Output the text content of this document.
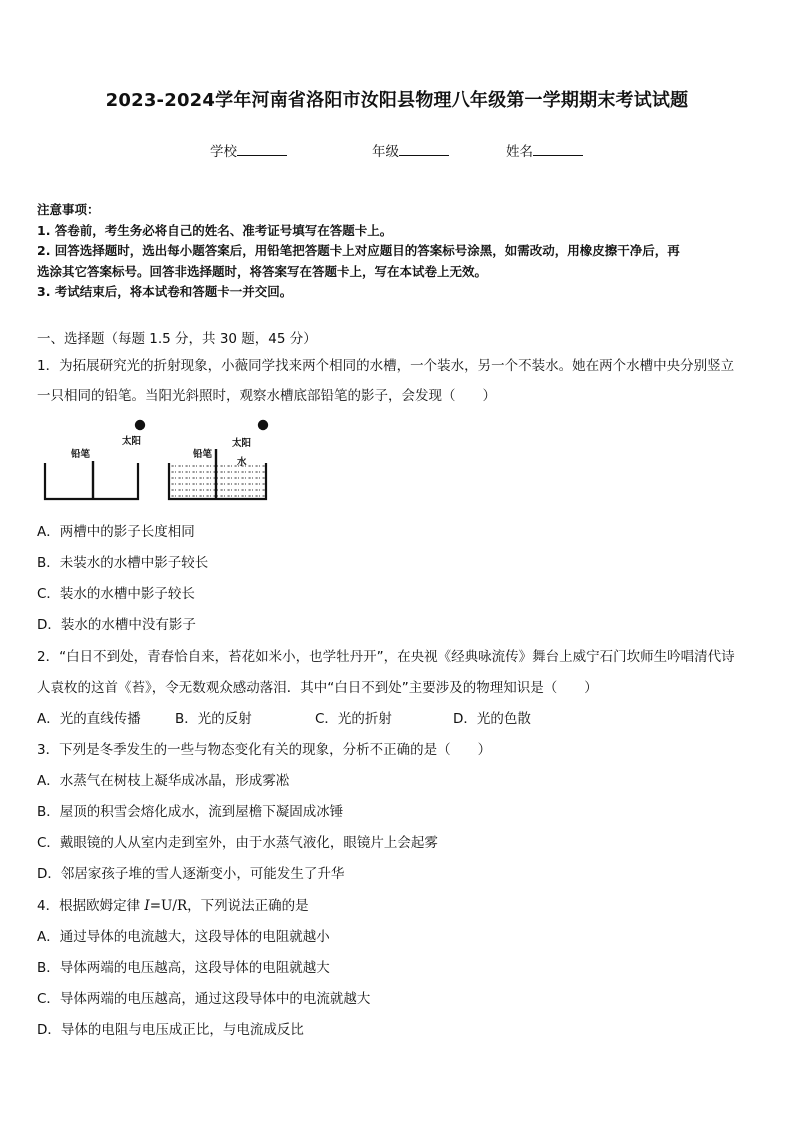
2023-2024学年河南省洛阳市汝阳县物理八年级第一学期期末考试试题
学校	年级	姓名
注意事项：
1. 答卷前，考生务必将自己的姓名、准考证号填写在答题卡上。
2. 回答选择题时，选出每小题答案后，用铅笔把答题卡上对应题目的答案标号涂黑，如需改动，用橡皮擦干净后，再
选涂其它答案标号。回答非选择题时，将答案写在答题卡上，写在本试卷上无效。
3. 考试结束后，将本试卷和答题卡一并交回。
一、选择题（每题 1.5 分，共 30 题，45 分）
1．为拓展研究光的折射现象，小薇同学找来两个相同的水槽，一个装水，另一个不装水。她在两个水槽中央分别竖立
一只相同的铅笔。当阳光斜照时，观察水槽底部铅笔的影子，会发现（　　）
铅笔
太阳
铅笔
太阳
水
A．两槽中的影子长度相同
B．未装水的水槽中影子较长
C．装水的水槽中影子较长
D．装水的水槽中没有影子
2．“白日不到处，青春恰自来，苔花如米小，也学牡丹开”，在央视《经典咏流传》舞台上威宁石门坎师生吟唱清代诗
人袁枚的这首《苔》，令无数观众感动落泪．其中“白日不到处”主要涉及的物理知识是（　　）
A．光的直线传播	B．光的反射	C．光的折射	D．光的色散
3．下列是冬季发生的一些与物态变化有关的现象，分析不正确的是（　　）
A．水蒸气在树枝上凝华成冰晶，形成雾凇
B．屋顶的积雪会熔化成水，流到屋檐下凝固成冰锤
C．戴眼镜的人从室内走到室外，由于水蒸气液化，眼镜片上会起雾
D．邻居家孩子堆的雪人逐渐变小，可能发生了升华
4．根据欧姆定律 I=U/R，下列说法正确的是
A．通过导体的电流越大，这段导体的电阻就越小
B．导体两端的电压越高，这段导体的电阻就越大
C．导体两端的电压越高，通过这段导体中的电流就越大
D．导体的电阻与电压成正比，与电流成反比
